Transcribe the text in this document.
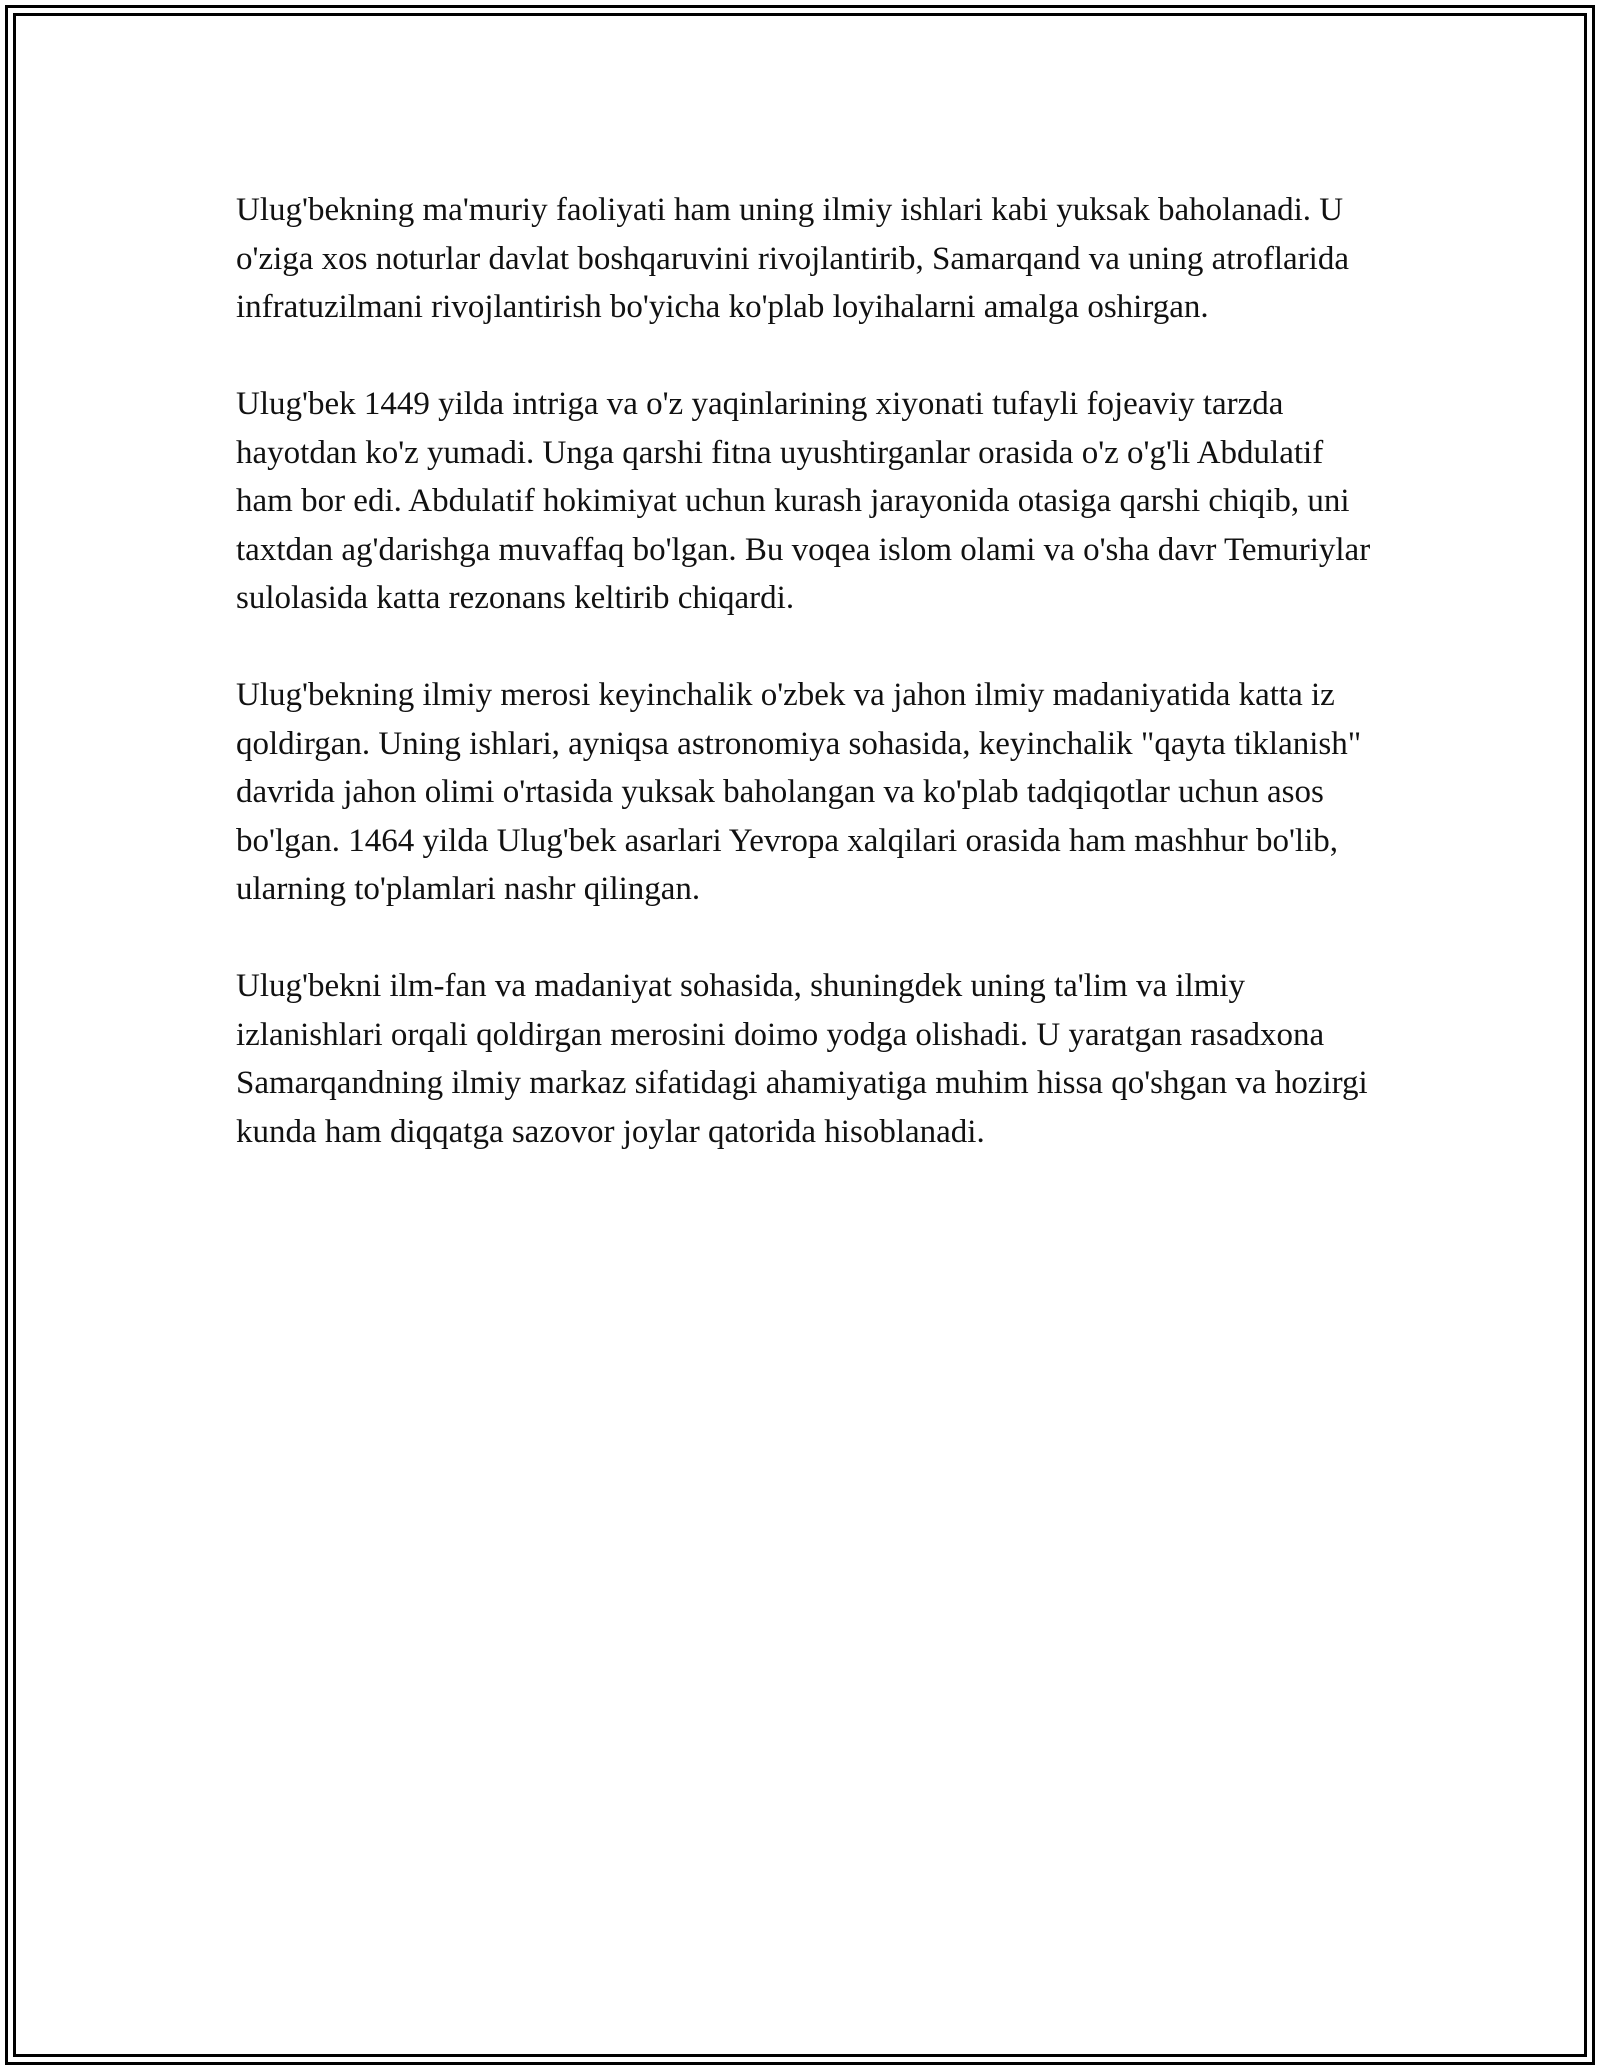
Ulug'bekning ma'muriy faoliyati ham uning ilmiy ishlari kabi yuksak baholanadi. U o'ziga xos noturlar davlat boshqaruvini rivojlantirib, Samarqand va uning atroflarida infratuzilmani rivojlantirish bo'yicha ko'plab loyihalarni amalga oshirgan.

Ulug'bek 1449 yilda intriga va o'z yaqinlarining xiyonati tufayli fojeaviy tarzda hayotdan ko'z yumadi. Unga qarshi fitna uyushtirganlar orasida o'z o'g'li Abdulatif ham bor edi. Abdulatif hokimiyat uchun kurash jarayonida otasiga qarshi chiqib, uni taxtdan ag'darishga muvaffaq bo'lgan. Bu voqea islom olami va o'sha davr Temuriylar sulolasida katta rezonans keltirib chiqardi.

Ulug'bekning ilmiy merosi keyinchalik o'zbek va jahon ilmiy madaniyatida katta iz qoldirgan. Uning ishlari, ayniqsa astronomiya sohasida, keyinchalik "qayta tiklanish" davrida jahon olimi o'rtasida yuksak baholangan va ko'plab tadqiqotlar uchun asos bo'lgan. 1464 yilda Ulug'bek asarlari Yevropa xalqilari orasida ham mashhur bo'lib, ularning to'plamlari nashr qilingan.

Ulug'bekni ilm-fan va madaniyat sohasida, shuningdek uning ta'lim va ilmiy izlanishlari orqali qoldirgan merosini doimo yodga olishadi. U yaratgan rasadxona Samarqandning ilmiy markaz sifatidagi ahamiyatiga muhim hissa qo'shgan va hozirgi kunda ham diqqatga sazovor joylar qatorida hisoblanadi.
